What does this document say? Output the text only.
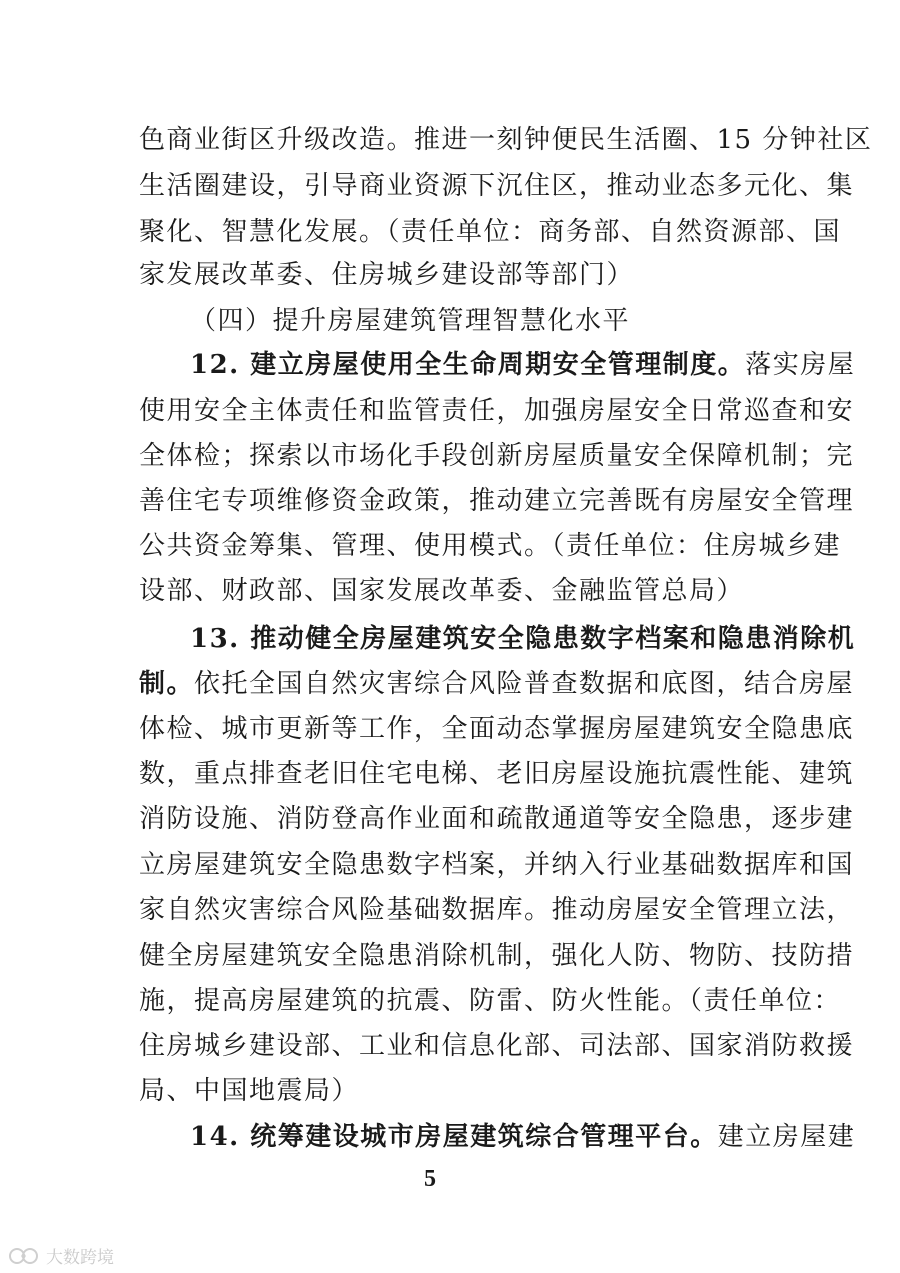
色商业街区升级改造。推进一刻钟便民生活圈、15 分钟社区
生活圈建设，引导商业资源下沉住区，推动业态多元化、集
聚化、智慧化发展。（责任单位：商务部、自然资源部、国
家发展改革委、住房城乡建设部等部门）
（四）提升房屋建筑管理智慧化水平
12. 建立房屋使用全生命周期安全管理制度。落实房屋
使用安全主体责任和监管责任，加强房屋安全日常巡查和安
全体检；探索以市场化手段创新房屋质量安全保障机制；完
善住宅专项维修资金政策，推动建立完善既有房屋安全管理
公共资金筹集、管理、使用模式。（责任单位：住房城乡建
设部、财政部、国家发展改革委、金融监管总局）
13. 推动健全房屋建筑安全隐患数字档案和隐患消除机
制。依托全国自然灾害综合风险普查数据和底图，结合房屋
体检、城市更新等工作，全面动态掌握房屋建筑安全隐患底
数，重点排查老旧住宅电梯、老旧房屋设施抗震性能、建筑
消防设施、消防登高作业面和疏散通道等安全隐患，逐步建
立房屋建筑安全隐患数字档案，并纳入行业基础数据库和国
家自然灾害综合风险基础数据库。推动房屋安全管理立法，
健全房屋建筑安全隐患消除机制，强化人防、物防、技防措
施，提高房屋建筑的抗震、防雷、防火性能。（责任单位：
住房城乡建设部、工业和信息化部、司法部、国家消防救援
局、中国地震局）
14. 统筹建设城市房屋建筑综合管理平台。建立房屋建
5
大数跨境
